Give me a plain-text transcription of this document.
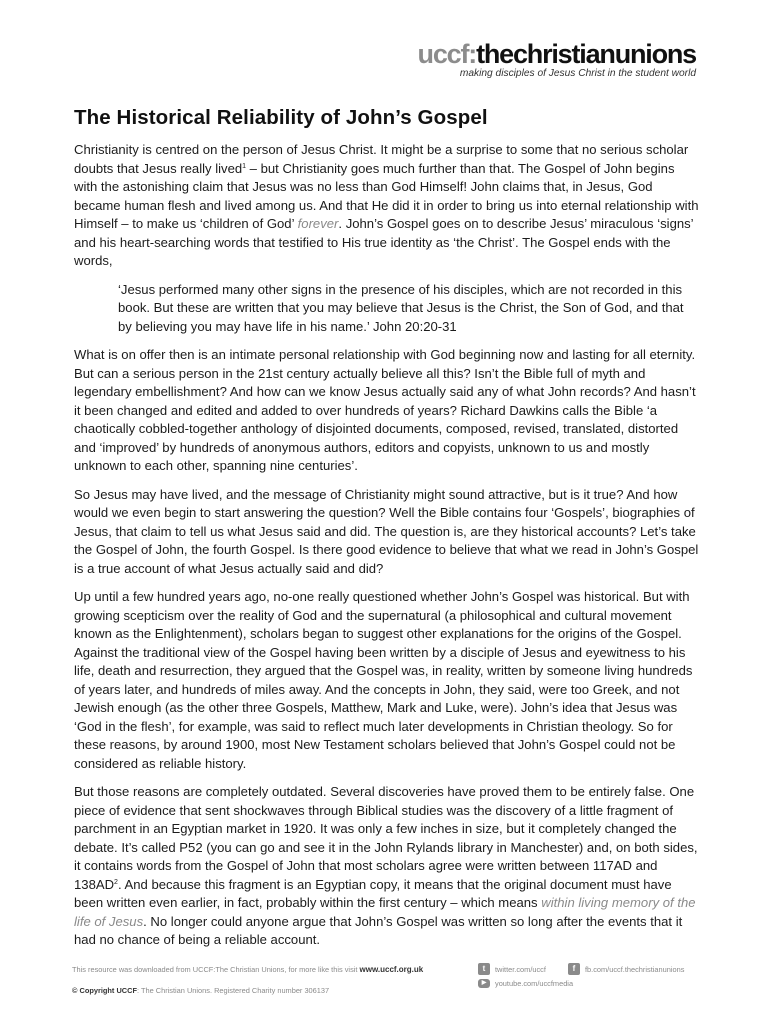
uccf:thechristianunions
making disciples of Jesus Christ in the student world
The Historical Reliability of John’s Gospel

Christianity is centred on the person of Jesus Christ. It might be a surprise to some that no serious scholar doubts that Jesus really lived$^1$ – but Christianity goes much further than that. The Gospel of John begins with the astonishing claim that Jesus was no less than God Himself! John claims that, in Jesus, God became human flesh and lived among us. And that He did it in order to bring us into eternal relationship with Himself – to make us ‘children of God’ forever. John’s Gospel goes on to describe Jesus’ miraculous ‘signs’ and his heart-searching words that testified to His true identity as ‘the Christ’. The Gospel ends with the words,

‘Jesus performed many other signs in the presence of his disciples, which are not recorded in this book. But these are written that you may believe that Jesus is the Christ, the Son of God, and that by believing you may have life in his name.’ John 20:20-31

What is on offer then is an intimate personal relationship with God beginning now and lasting for all eternity. But can a serious person in the 21st century actually believe all this? Isn’t the Bible full of myth and legendary embellishment? And how can we know Jesus actually said any of what John records? And hasn’t it been changed and edited and added to over hundreds of years? Richard Dawkins calls the Bible ‘a chaotically cobbled-together anthology of disjointed documents, composed, revised, translated, distorted and ‘improved’ by hundreds of anonymous authors, editors and copyists, unknown to us and mostly unknown to each other, spanning nine centuries’.

So Jesus may have lived, and the message of Christianity might sound attractive, but is it true? And how would we even begin to start answering the question? Well the Bible contains four ‘Gospels’, biographies of Jesus, that claim to tell us what Jesus said and did. The question is, are they historical accounts? Let’s take the Gospel of John, the fourth Gospel. Is there good evidence to believe that what we read in John’s Gospel is a true account of what Jesus actually said and did?

Up until a few hundred years ago, no-one really questioned whether John’s Gospel was historical. But with growing scepticism over the reality of God and the supernatural (a philosophical and cultural movement known as the Enlightenment), scholars began to suggest other explanations for the origins of the Gospel. Against the traditional view of the Gospel having been written by a disciple of Jesus and eyewitness to his life, death and resurrection, they argued that the Gospel was, in reality, written by someone living hundreds of years later, and hundreds of miles away. And the concepts in John, they said, were too Greek, and not Jewish enough (as the other three Gospels, Matthew, Mark and Luke, were). John’s idea that Jesus was ‘God in the flesh’, for example, was said to reflect much later developments in Christian theology. So for these reasons, by around 1900, most New Testament scholars believed that John’s Gospel could not be considered as reliable history.

But those reasons are completely outdated. Several discoveries have proved them to be entirely false. One piece of evidence that sent shockwaves through Biblical studies was the discovery of a little fragment of parchment in an Egyptian market in 1920. It was only a few inches in size, but it completely changed the debate. It’s called P52 (you can go and see it in the John Rylands library in Manchester) and, on both sides, it contains words from the Gospel of John that most scholars agree were written between 117AD and $138AD^2$. And because this fragment is an Egyptian copy, it means that the original document must have been written even earlier, in fact, probably within the first century – which means within living memory of the life of Jesus. No longer could anyone argue that John’s Gospel was written so long after the events that it had no chance of being a reliable account.

This resource was downloaded from UCCF:The Christian Unions, for more like this visit www.uccf.org.uk
© Copyright UCCF: The Christian Unions. Registered Charity number 306137
t	twitter.com/uccf	f	fb.com/uccf.thechristianunions
▶	youtube.com/uccfmedia
